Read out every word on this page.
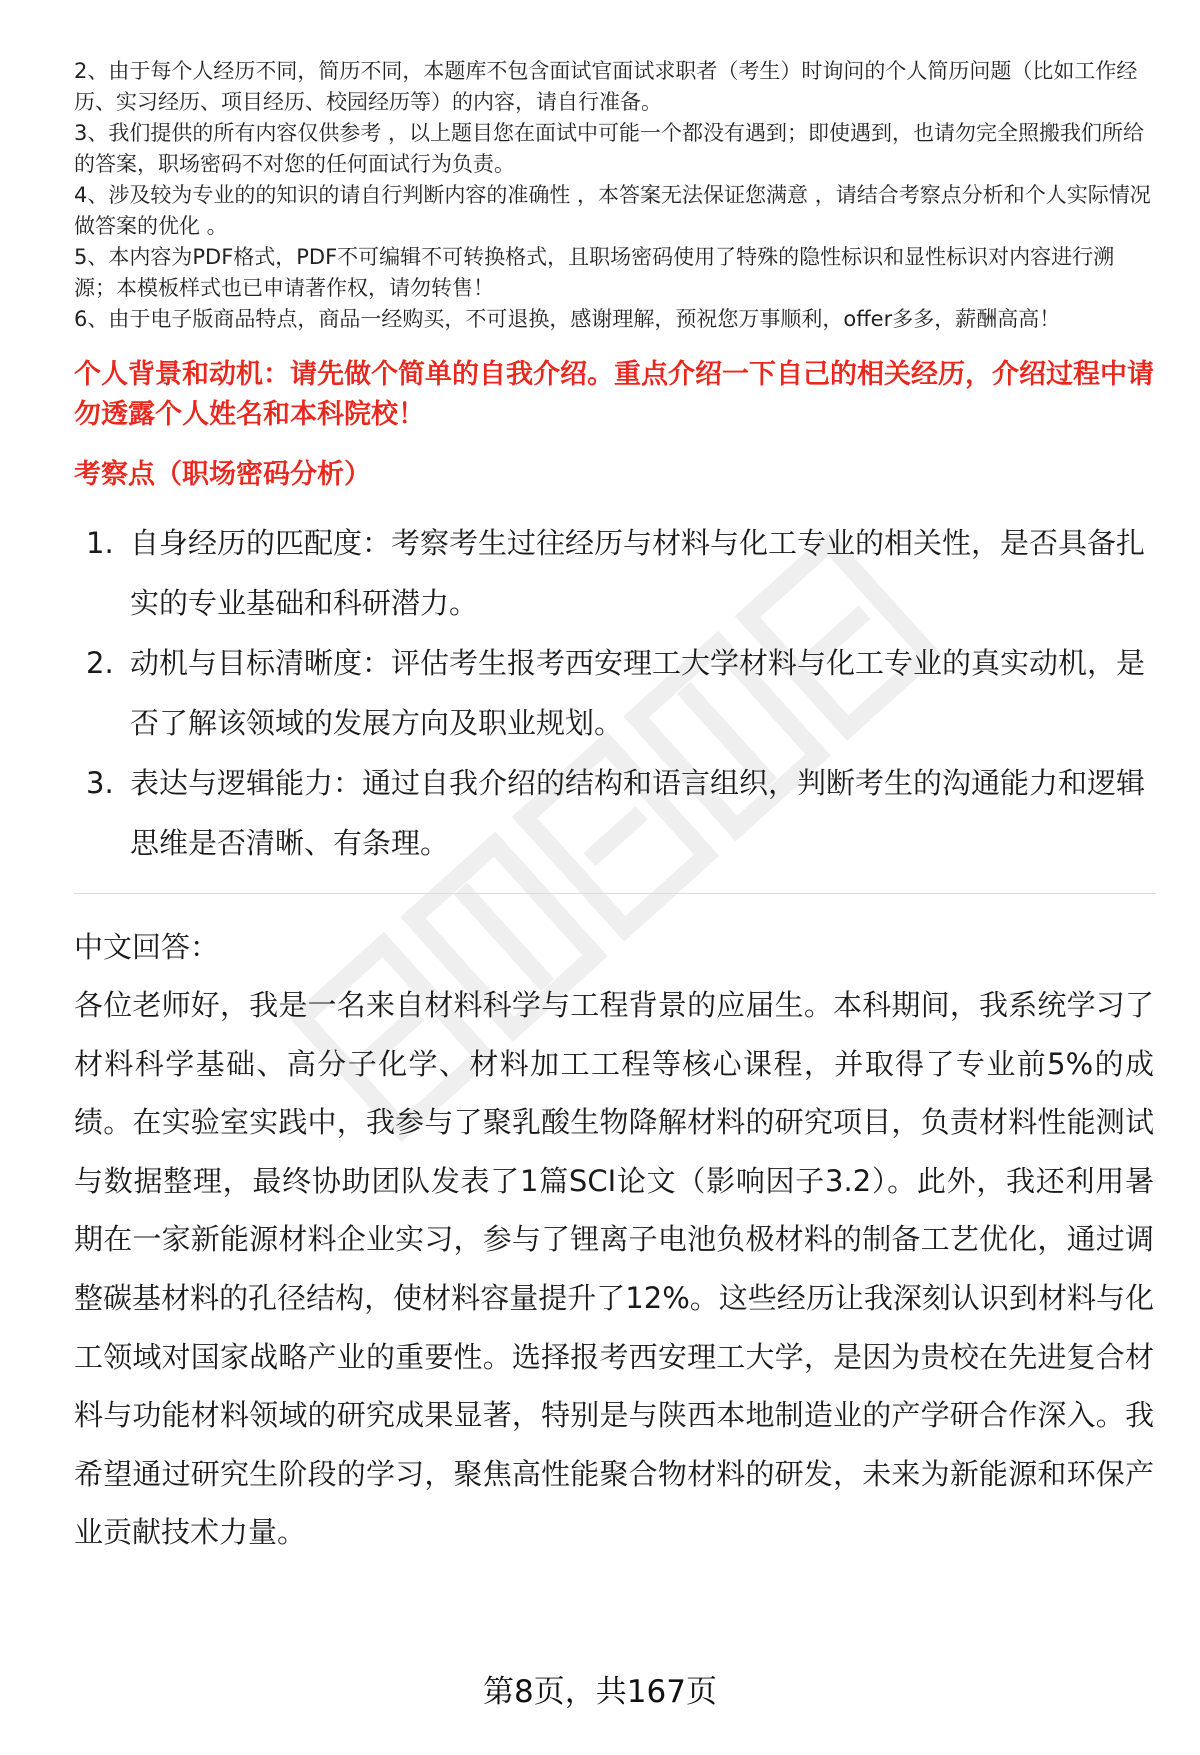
2、由于每个人经历不同，简历不同，本题库不包含面试官面试求职者（考生）时询问的个人简历问题（比如工作经历、实习经历、项目经历、校园经历等）的内容，请自行准备。

3、我们提供的所有内容仅供参考 ，以上题目您在面试中可能一个都没有遇到；即使遇到，也请勿完全照搬我们所给的答案，职场密码不对您的任何面试行为负责。

4、涉及较为专业的的知识的请自行判断内容的准确性 ，本答案无法保证您满意 ，请结合考察点分析和个人实际情况做答案的优化 。

5、本内容为PDF格式，PDF不可编辑不可转换格式，且职场密码使用了特殊的隐性标识和显性标识对内容进行溯源；本模板样式也已申请著作权，请勿转售！

6、由于电子版商品特点，商品一经购买，不可退换，感谢理解，预祝您万事顺利，offer多多，薪酬高高！

个人背景和动机：请先做个简单的自我介绍。重点介绍一下自己的相关经历，介绍过程中请勿透露个人姓名和本科院校！
考察点（职场密码分析）
1. 自身经历的匹配度：考察考生过往经历与材料与化工专业的相关性，是否具备扎实的专业基础和科研潜力。
2. 动机与目标清晰度：评估考生报考西安理工大学材料与化工专业的真实动机，是否了解该领域的发展方向及职业规划。
3. 表达与逻辑能力：通过自我介绍的结构和语言组织，判断考生的沟通能力和逻辑思维是否清晰、有条理。

中文回答：

各位老师好，我是一名来自材料科学与工程背景的应届生。本科期间，我系统学习了材料科学基础、高分子化学、材料加工工程等核心课程，并取得了专业前5%的成绩。在实验室实践中，我参与了聚乳酸生物降解材料的研究项目，负责材料性能测试与数据整理，最终协助团队发表了1篇SCI论文（影响因子3.2）。此外，我还利用暑期在一家新能源材料企业实习，参与了锂离子电池负极材料的制备工艺优化，通过调整碳基材料的孔径结构，使材料容量提升了12%。这些经历让我深刻认识到材料与化工领域对国家战略产业的重要性。选择报考西安理工大学，是因为贵校在先进复合材料与功能材料领域的研究成果显著，特别是与陕西本地制造业的产学研合作深入。我希望通过研究生阶段的学习，聚焦高性能聚合物材料的研发，未来为新能源和环保产业贡献技术力量。

第8页，共167页
